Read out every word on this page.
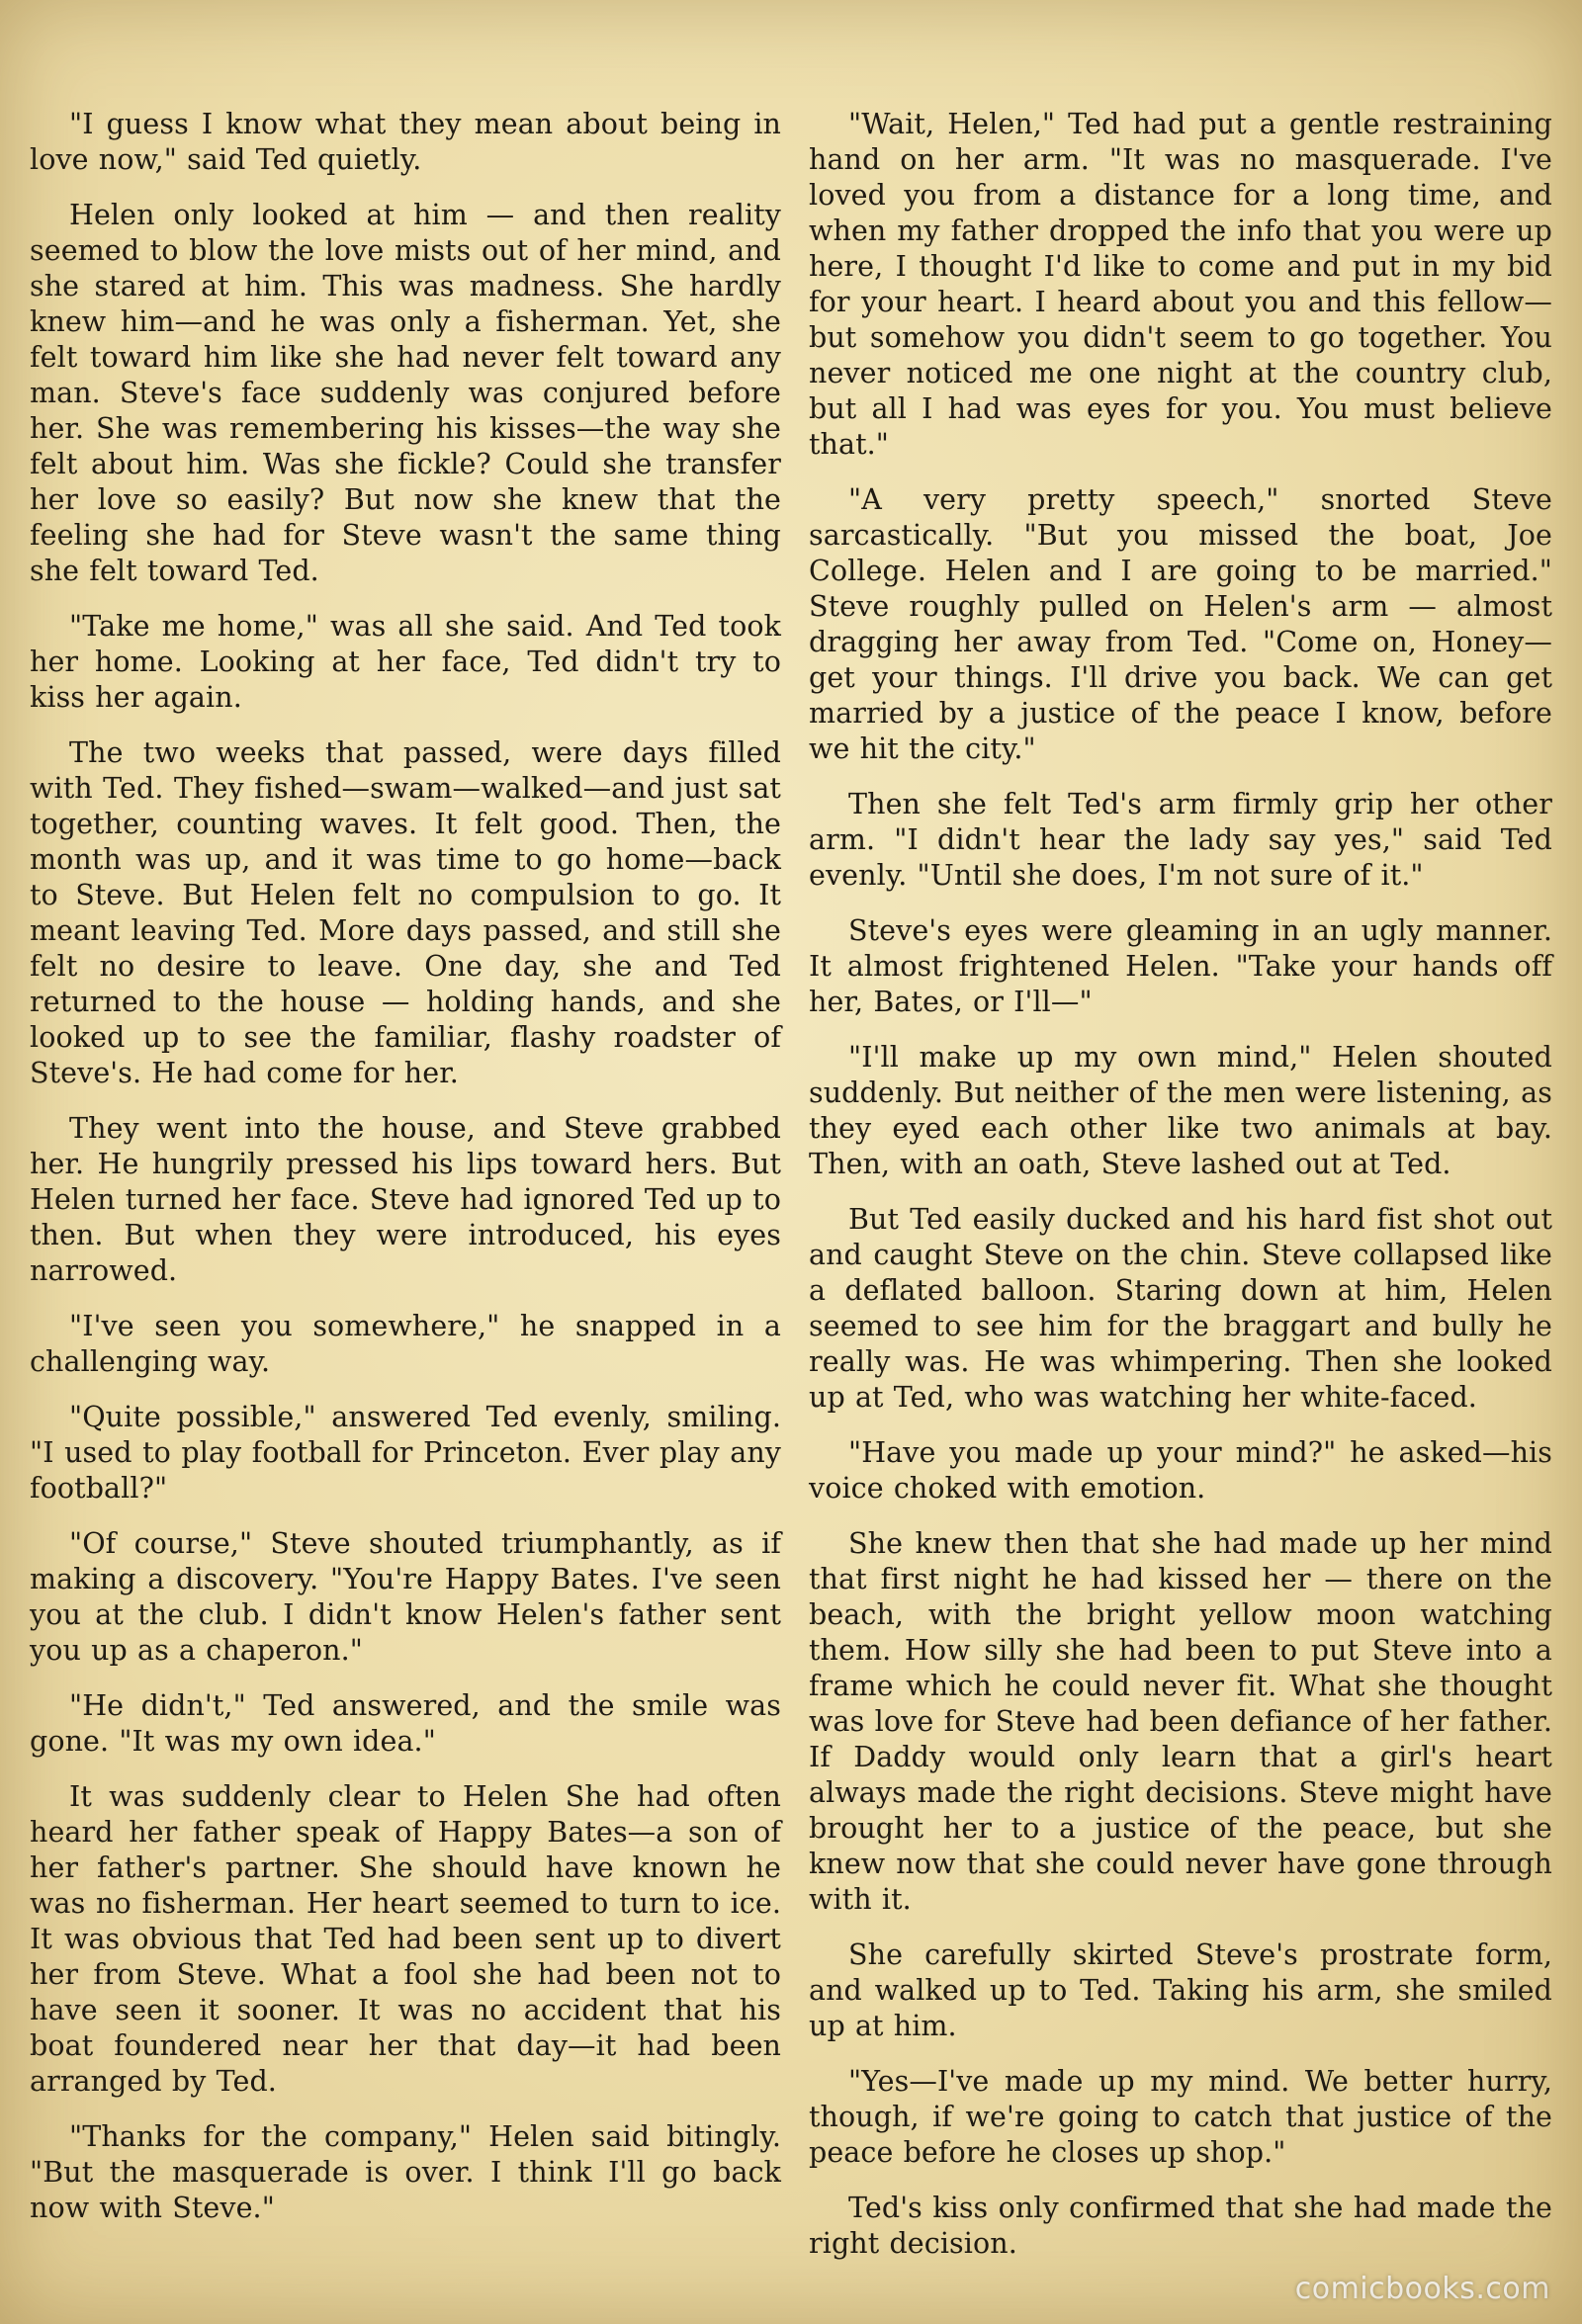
"I guess I know what they mean about being in love now," said Ted quietly.

Helen only looked at him — and then reality seemed to blow the love mists out of her mind, and she stared at him. This was madness. She hardly knew him—and he was only a fisherman. Yet, she felt toward him like she had never felt toward any man. Steve's face suddenly was conjured before her. She was remembering his kisses—the way she felt about him. Was she fickle? Could she transfer her love so easily? But now she knew that the feeling she had for Steve wasn't the same thing she felt toward Ted.

"Take me home," was all she said. And Ted took her home. Looking at her face, Ted didn't try to kiss her again.

The two weeks that passed, were days filled with Ted. They fished—swam—walked—and just sat together, counting waves. It felt good. Then, the month was up, and it was time to go home—back to Steve. But Helen felt no compulsion to go. It meant leaving Ted. More days passed, and still she felt no desire to leave. One day, she and Ted returned to the house — holding hands, and she looked up to see the familiar, flashy roadster of Steve's. He had come for her.

They went into the house, and Steve grabbed her. He hungrily pressed his lips toward hers. But Helen turned her face. Steve had ignored Ted up to then. But when they were introduced, his eyes narrowed.

"I've seen you somewhere," he snapped in a challenging way.

"Quite possible," answered Ted evenly, smiling. "I used to play football for Princeton. Ever play any football?"

"Of course," Steve shouted triumphantly, as if making a discovery. "You're Happy Bates. I've seen you at the club. I didn't know Helen's father sent you up as a chaperon."

"He didn't," Ted answered, and the smile was gone. "It was my own idea."

It was suddenly clear to Helen She had often heard her father speak of Happy Bates—a son of her father's partner. She should have known he was no fisherman. Her heart seemed to turn to ice. It was obvious that Ted had been sent up to divert her from Steve. What a fool she had been not to have seen it sooner. It was no accident that his boat foundered near her that day—it had been arranged by Ted.

"Thanks for the company," Helen said bitingly. "But the masquerade is over. I think I'll go back now with Steve."

"Wait, Helen," Ted had put a gentle restraining hand on her arm. "It was no masquerade. I've loved you from a distance for a long time, and when my father dropped the info that you were up here, I thought I'd like to come and put in my bid for your heart. I heard about you and this fellow—but somehow you didn't seem to go together. You never noticed me one night at the country club, but all I had was eyes for you. You must believe that."

"A very pretty speech," snorted Steve sarcastically. "But you missed the boat, Joe College. Helen and I are going to be married." Steve roughly pulled on Helen's arm — almost dragging her away from Ted. "Come on, Honey—get your things. I'll drive you back. We can get married by a justice of the peace I know, before we hit the city."

Then she felt Ted's arm firmly grip her other arm. "I didn't hear the lady say yes," said Ted evenly. "Until she does, I'm not sure of it."

Steve's eyes were gleaming in an ugly manner. It almost frightened Helen. "Take your hands off her, Bates, or I'll—"

"I'll make up my own mind," Helen shouted suddenly. But neither of the men were listening, as they eyed each other like two animals at bay. Then, with an oath, Steve lashed out at Ted.

But Ted easily ducked and his hard fist shot out and caught Steve on the chin. Steve collapsed like a deflated balloon. Staring down at him, Helen seemed to see him for the braggart and bully he really was. He was whimpering. Then she looked up at Ted, who was watching her white-faced.

"Have you made up your mind?" he asked—his voice choked with emotion.

She knew then that she had made up her mind that first night he had kissed her — there on the beach, with the bright yellow moon watching them. How silly she had been to put Steve into a frame which he could never fit. What she thought was love for Steve had been defiance of her father. If Daddy would only learn that a girl's heart always made the right decisions. Steve might have brought her to a justice of the peace, but she knew now that she could never have gone through with it.

She carefully skirted Steve's prostrate form, and walked up to Ted. Taking his arm, she smiled up at him.

"Yes—I've made up my mind. We better hurry, though, if we're going to catch that justice of the peace before he closes up shop."

Ted's kiss only confirmed that she had made the right decision.

comicbooks.com
